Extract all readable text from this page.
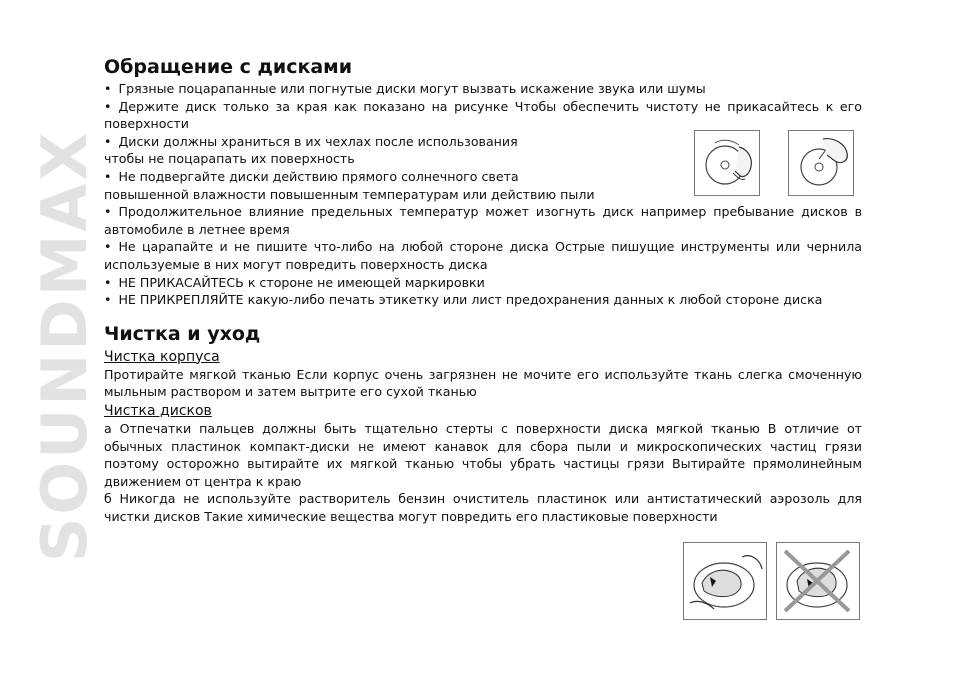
SOUNDMAX
Обращение с дисками

• Грязные поцарапанные или погнутые диски могут вызвать искажение звука или шумы

• Держите диск только за края как показано на рисунке Чтобы обеспечить чистоту не прикасайтесь к его поверхности

• Диски должны храниться в их чехлах после использования

чтобы не поцарапать их поверхность

• Не подвергайте диски действию прямого солнечного света

повышенной влажности повышенным температурам или действию пыли

• Продолжительное влияние предельных температур может изогнуть диск например пребывание дисков в автомобиле в летнее время

• Не царапайте и не пишите что-либо на любой стороне диска Острые пишущие инструменты или чернила используемые в них могут повредить поверхность диска

• НЕ ПРИКАСАЙТЕСЬ к стороне не имеющей маркировки

• НЕ ПРИКРЕПЛЯЙТЕ какую-либо печать этикетку или лист предохранения данных к любой стороне диска

Чистка и уход

Чистка корпуса

Протирайте мягкой тканью Если корпус очень загрязнен не мочите его используйте ткань слегка смоченную мыльным раствором и затем вытрите его сухой тканью

Чистка дисков

а Отпечатки пальцев должны быть тщательно стерты с поверхности диска мягкой тканью В отличие от обычных пластинок компакт-диски не имеют канавок для сбора пыли и микроскопических частиц грязи поэтому осторожно вытирайте их мягкой тканью чтобы убрать частицы грязи Вытирайте прямолинейным движением от центра к краю

б Никогда не используйте растворитель бензин очиститель пластинок или антистатический аэрозоль для чистки дисков Такие химические вещества могут повредить его пластиковые поверхности
